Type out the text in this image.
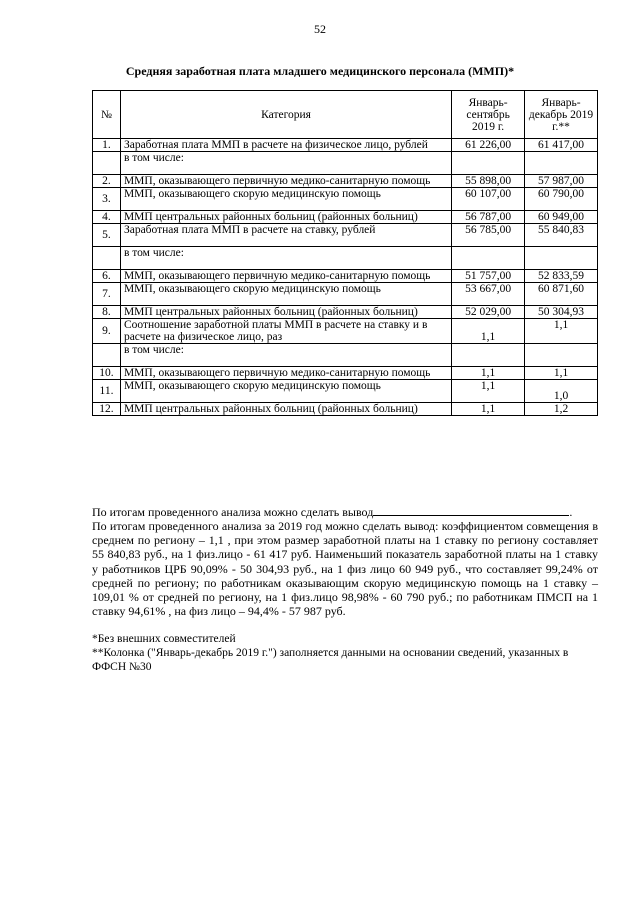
52
Средняя заработная плата младшего медицинского персонала (ММП)*
№	Категория	Январь-сентябрь 2019 г.	Январь-декабрь 2019 г.**
1.	Заработная плата ММП в расчете на физическое лицо, рублей	61 226,00	61 417,00
	в том числе:		
2.	ММП, оказывающего первичную медико-санитарную помощь	55 898,00	57 987,00
3.	ММП, оказывающего скорую медицинскую помощь	60 107,00	60 790,00
4.	ММП центральных районных больниц (районных больниц)	56 787,00	60 949,00
5.	Заработная плата ММП в расчете на ставку, рублей	56 785,00	55 840,83
	в том числе:		
6.	ММП, оказывающего первичную медико-санитарную помощь	51 757,00	52 833,59
7.	ММП, оказывающего скорую медицинскую помощь	53 667,00	60 871,60
8.	ММП центральных районных больниц (районных больниц)	52 029,00	50 304,93
9.	Соотношение заработной платы ММП в расчете на ставку и в расчете на физическое лицо, раз	1,1	1,1
	в том числе:		
10.	ММП, оказывающего первичную медико-санитарную помощь	1,1	1,1
11.	ММП, оказывающего скорую медицинскую помощь	1,1	1,0
12.	ММП центральных районных больниц (районных больниц)	1,1	1,2
По итогам проведенного анализа можно сделать вывод	.
По итогам проведенного анализа за 2019 год можно сделать вывод: коэффициентом совмещения в среднем по региону – 1,1 , при этом размер заработной платы на 1 ставку по региону составляет 55 840,83 руб., на 1 физ.лицо - 61 417 руб. Наименьший показатель заработной платы на 1 ставку у работников ЦРБ 90,09% - 50 304,93 руб., на 1 физ лицо 60 949 руб., что составляет 99,24% от средней по региону; по работникам оказывающим скорую медицинскую помощь на 1 ставку – 109,01 % от средней по региону, на 1 физ.лицо 98,98% - 60 790 руб.; по работникам ПМСП на 1 ставку 94,61% , на физ лицо – 94,4% - 57 987 руб.
*Без внешних совместителей
**Колонка ("Январь-декабрь 2019 г.") заполняется данными на основании сведений, указанных в ФФСН №30
